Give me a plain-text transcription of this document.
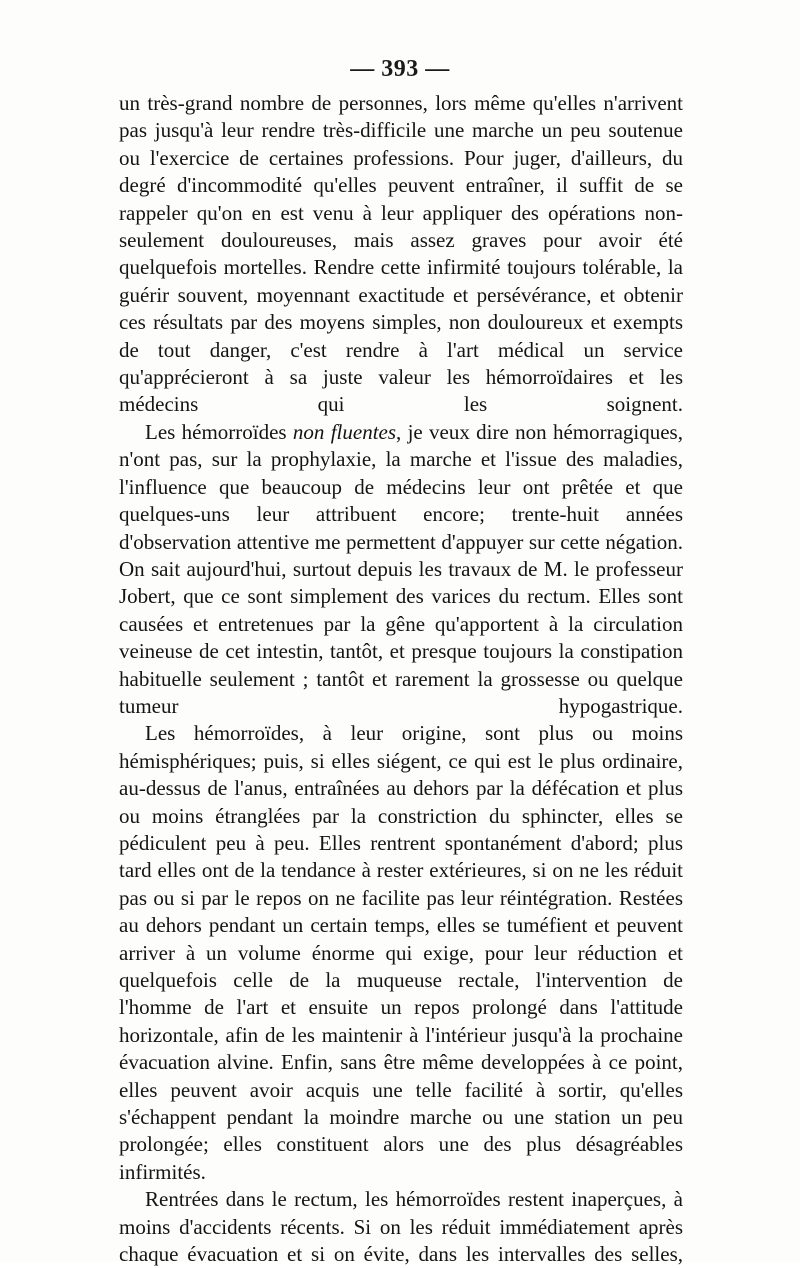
— 393 —

un très-grand nombre de personnes, lors même qu'elles n'arrivent pas jusqu'à leur rendre très-difficile une marche un peu soutenue ou l'exercice de certaines professions. Pour juger, d'ailleurs, du degré d'incommodité qu'elles peuvent entraîner, il suffit de se rappeler qu'on en est venu à leur appliquer des opérations non-seulement douloureuses, mais assez graves pour avoir été quelquefois mortelles. Rendre cette infirmité toujours tolérable, la guérir souvent, moyennant exactitude et persévérance, et obtenir ces résultats par des moyens simples, non douloureux et exempts de tout danger, c'est rendre à l'art médical un service qu'apprécieront à sa juste valeur les hémorroïdaires et les médecins qui les soignent.

Les hémorroïdes non fluentes, je veux dire non hémorragiques, n'ont pas, sur la prophylaxie, la marche et l'issue des maladies, l'influence que beaucoup de médecins leur ont prêtée et que quelques-uns leur attribuent encore; trente-huit années d'observation attentive me permettent d'appuyer sur cette négation. On sait aujourd'hui, surtout depuis les travaux de M. le professeur Jobert, que ce sont simplement des varices du rectum. Elles sont causées et entretenues par la gêne qu'apportent à la circulation veineuse de cet intestin, tantôt, et presque toujours la constipation habituelle seulement ; tantôt et rarement la grossesse ou quelque tumeur hypogastrique.

Les hémorroïdes, à leur origine, sont plus ou moins hémisphériques; puis, si elles siégent, ce qui est le plus ordinaire, au-dessus de l'anus, entraînées au dehors par la défécation et plus ou moins étranglées par la constriction du sphincter, elles se pédiculent peu à peu. Elles rentrent spontanément d'abord; plus tard elles ont de la tendance à rester extérieures, si on ne les réduit pas ou si par le repos on ne facilite pas leur réintégration. Restées au dehors pendant un certain temps, elles se tuméfient et peuvent arriver à un volume énorme qui exige, pour leur réduction et quelquefois celle de la muqueuse rectale, l'intervention de l'homme de l'art et ensuite un repos prolongé dans l'attitude horizontale, afin de les maintenir à l'intérieur jusqu'à la prochaine évacuation alvine. Enfin, sans être même developpées à ce point, elles peuvent avoir acquis une telle facilité à sortir, qu'elles s'échappent pendant la moindre marche ou une station un peu prolongée; elles constituent alors une des plus désagréables infirmités.

Rentrées dans le rectum, les hémorroïdes restent inaperçues, à moins d'accidents récents. Si on les réduit immédiatement après chaque évacuation et si on évite, dans les intervalles des selles,
